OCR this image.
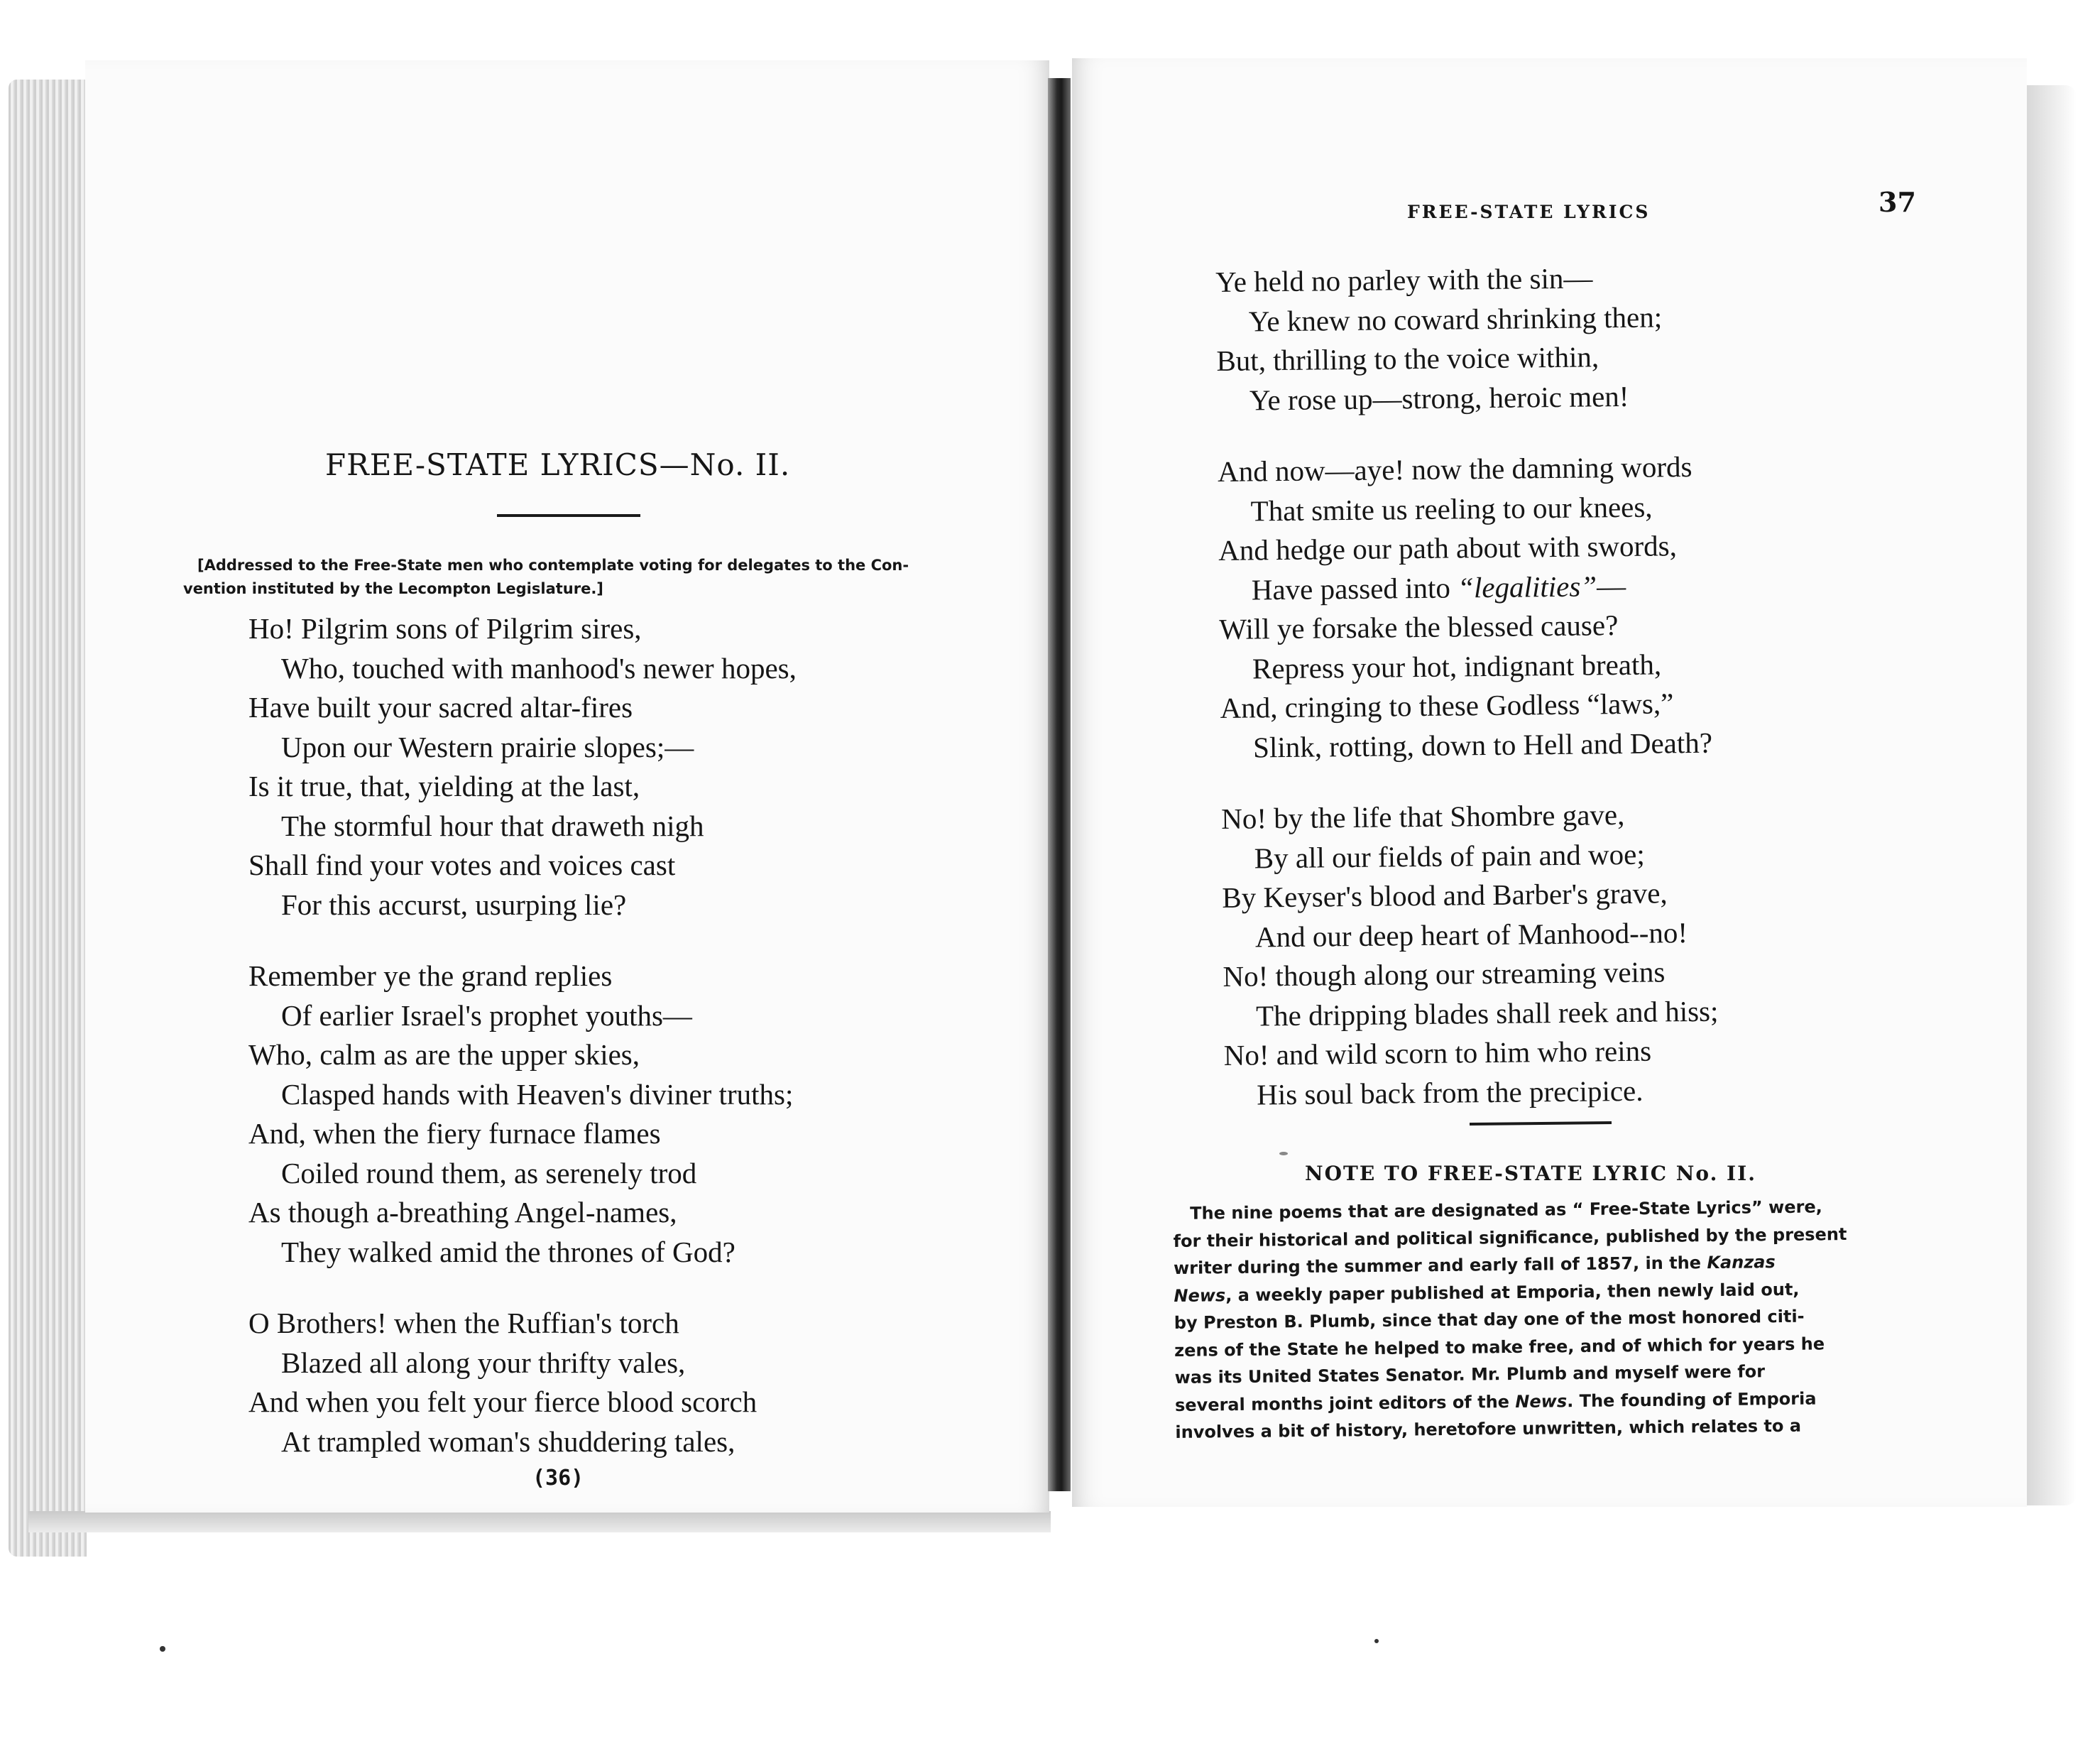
FREE-STATE LYRICS—No. II.
[Addressed to the Free-State men who contemplate voting for delegates to the Con-
vention instituted by the Lecompton Legislature.]
Ho! Pilgrim sons of Pilgrim sires,
Who, touched with manhood's newer hopes,
Have built your sacred altar-fires
Upon our Western prairie slopes;—
Is it true, that, yielding at the last,
The stormful hour that draweth nigh
Shall find your votes and voices cast
For this accurst, usurping lie?
Remember ye the grand replies
Of earlier Israel's prophet youths—
Who, calm as are the upper skies,
Clasped hands with Heaven's diviner truths;
And, when the fiery furnace flames
Coiled round them, as serenely trod
As though a-breathing Angel-names,
They walked amid the thrones of God?
O Brothers! when the Ruffian's torch
Blazed all along your thrifty vales,
And when you felt your fierce blood scorch
At trampled woman's shuddering tales,
(36)
FREE-STATE LYRICS	37
Ye held no parley with the sin—
Ye knew no coward shrinking then;
But, thrilling to the voice within,
Ye rose up—strong, heroic men!
And now—aye! now the damning words
That smite us reeling to our knees,
And hedge our path about with swords,
Have passed into “legalities”—
Will ye forsake the blessed cause?
Repress your hot, indignant breath,
And, cringing to these Godless “laws,”
Slink, rotting, down to Hell and Death?
No! by the life that Shombre gave,
By all our fields of pain and woe;
By Keyser's blood and Barber's grave,
And our deep heart of Manhood--no!
No! though along our streaming veins
The dripping blades shall reek and hiss;
No! and wild scorn to him who reins
His soul back from the precipice.
NOTE TO FREE-STATE LYRIC No. II.
The nine poems that are designated as “ Free-State Lyrics” were,
for their historical and political significance, published by the present
writer during the summer and early fall of 1857, in the Kanzas
News, a weekly paper published at Emporia, then newly laid out,
by Preston B. Plumb, since that day one of the most honored citi-
zens of the State he helped to make free, and of which for years he
was its United States Senator. Mr. Plumb and myself were for
several months joint editors of the News. The founding of Emporia
involves a bit of history, heretofore unwritten, which relates to a
